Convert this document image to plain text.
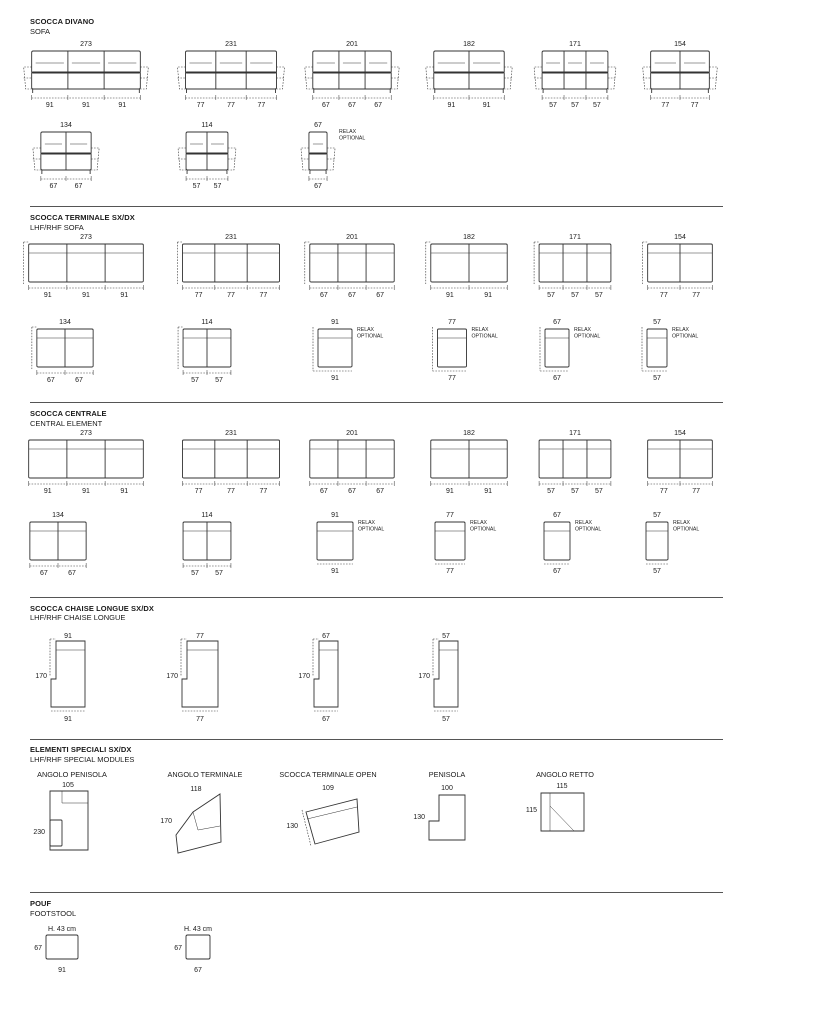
SCOCCA DIVANO
SOFA
SCOCCA TERMINALE SX/DX
LHF/RHF SOFA
SCOCCA CENTRALE
CENTRAL ELEMENT
SCOCCA CHAISE LONGUE SX/DX
LHF/RHF CHAISE LONGUE
ELEMENTI SPECIALI SX/DX
LHF/RHF SPECIAL MODULES
POUF
FOOTSTOOL
273
91	91	91
231
77	77	77
201
67	67	67
182
91	91
171
57 57 57
154
77	77
134
67 67
114
57 57
67
67
RELAX
OPTIONAL
273
91	91	91
231
77	77	77
201
67	67	67
182
91	91
171
57 57 57
154
77	77
134
67	67
114
57 57
91
91
RELAX
OPTIONAL
77
77
RELAX
OPTIONAL
67
67
RELAX
OPTIONAL
57
57
RELAX
OPTIONAL
273
91	91	91
231
77	77	77
201
67	67	67
182
91	91
171
57 57 57
154
77	77
134
67	67
114
57 57
91
91
RELAX
OPTIONAL
77
77
RELAX
OPTIONAL
67
67
RELAX
OPTIONAL
57
57
RELAX
OPTIONAL
91
170
91
77
170
77
67
170
67
57
170
57
ANGOLO PENISOLA	ANGOLO TERMINALE	SCOCCA TERMINALE OPEN	PENISOLA	ANGOLO RETTO
105
230
118
170
109
130
100
130
115
115
H. 43 cm
67
91
H. 43 cm
67
67
